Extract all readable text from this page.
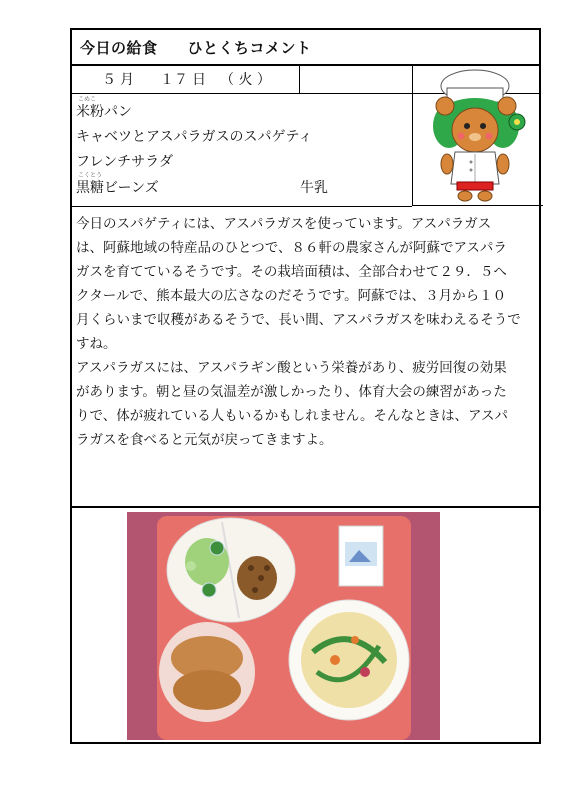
今日の給食 ひとくちコメント
５ 月 １７ 日 （ 火 ）
こめこ
米粉パン
キャベツとアスパラガスのスパゲティ
フレンチサラダ
こくとう
黒糖ビーンズ	牛乳
今日のスパゲティには、アスパラガスを使っています。アスパラガス
は、阿蘇地域の特産品のひとつで、８６軒の農家さんが阿蘇でアスパラ
ガスを育てているそうです。その栽培面積は、全部合わせて２９．５へ
クタールで、熊本最大の広さなのだそうです。阿蘇では、３月から１０
月くらいまで収穫があるそうで、長い間、アスパラガスを味わえるそうで
すね。
アスパラガスには、アスパラギン酸という栄養があり、疲労回復の効果
があります。朝と昼の気温差が激しかったり、体育大会の練習があった
りで、体が疲れている人もいるかもしれません。そんなときは、アスパ
ラガスを食べると元気が戻ってきますよ。
